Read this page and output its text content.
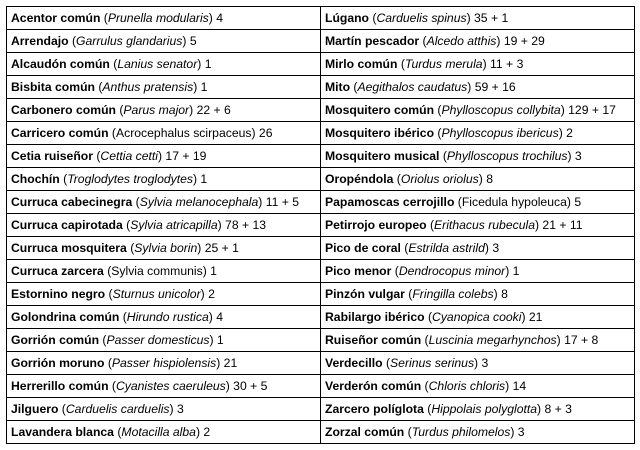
Acentor común (Prunella modularis) 4	Lúgano (Carduelis spinus) 35 + 1
Arrendajo (Garrulus glandarius) 5	Martín pescador (Alcedo atthis) 19 + 29
Alcaudón común (Lanius senator) 1	Mirlo común (Turdus merula) 11 + 3
Bisbita común (Anthus pratensis) 1	Mito (Aegithalos caudatus) 59 + 16
Carbonero común (Parus major) 22 + 6	Mosquitero común (Phylloscopus collybita) 129 + 17
Carricero común (Acrocephalus scirpaceus) 26	Mosquitero ibérico (Phylloscopus ibericus) 2
Cetia ruiseñor (Cettia cetti) 17 + 19	Mosquitero musical (Phylloscopus trochilus) 3
Chochín (Troglodytes troglodytes) 1	Oropéndola (Oriolus oriolus) 8
Curruca cabecinegra (Sylvia melanocephala) 11 + 5	Papamoscas cerrojillo (Ficedula hypoleuca) 5
Curruca capirotada (Sylvia atricapilla) 78 + 13	Petirrojo europeo (Erithacus rubecula) 21 + 11
Curruca mosquitera (Sylvia borin) 25 + 1	Pico de coral (Estrilda astrild) 3
Curruca zarcera (Sylvia communis) 1	Pico menor (Dendrocopus minor) 1
Estornino negro (Sturnus unicolor) 2	Pinzón vulgar (Fringilla colebs) 8
Golondrina común (Hirundo rustica) 4	Rabilargo ibérico (Cyanopica cooki) 21
Gorrión común (Passer domesticus) 1	Ruiseñor común (Luscinia megarhynchos) 17 + 8
Gorrión moruno (Passer hispiolensis) 21	Verdecillo (Serinus serinus) 3
Herrerillo común (Cyanistes caeruleus) 30 + 5	Verderón común (Chloris chloris) 14
Jilguero (Carduelis carduelis) 3	Zarcero políglota (Hippolais polyglotta) 8 + 3
Lavandera blanca (Motacilla alba) 2	Zorzal común (Turdus philomelos) 3
